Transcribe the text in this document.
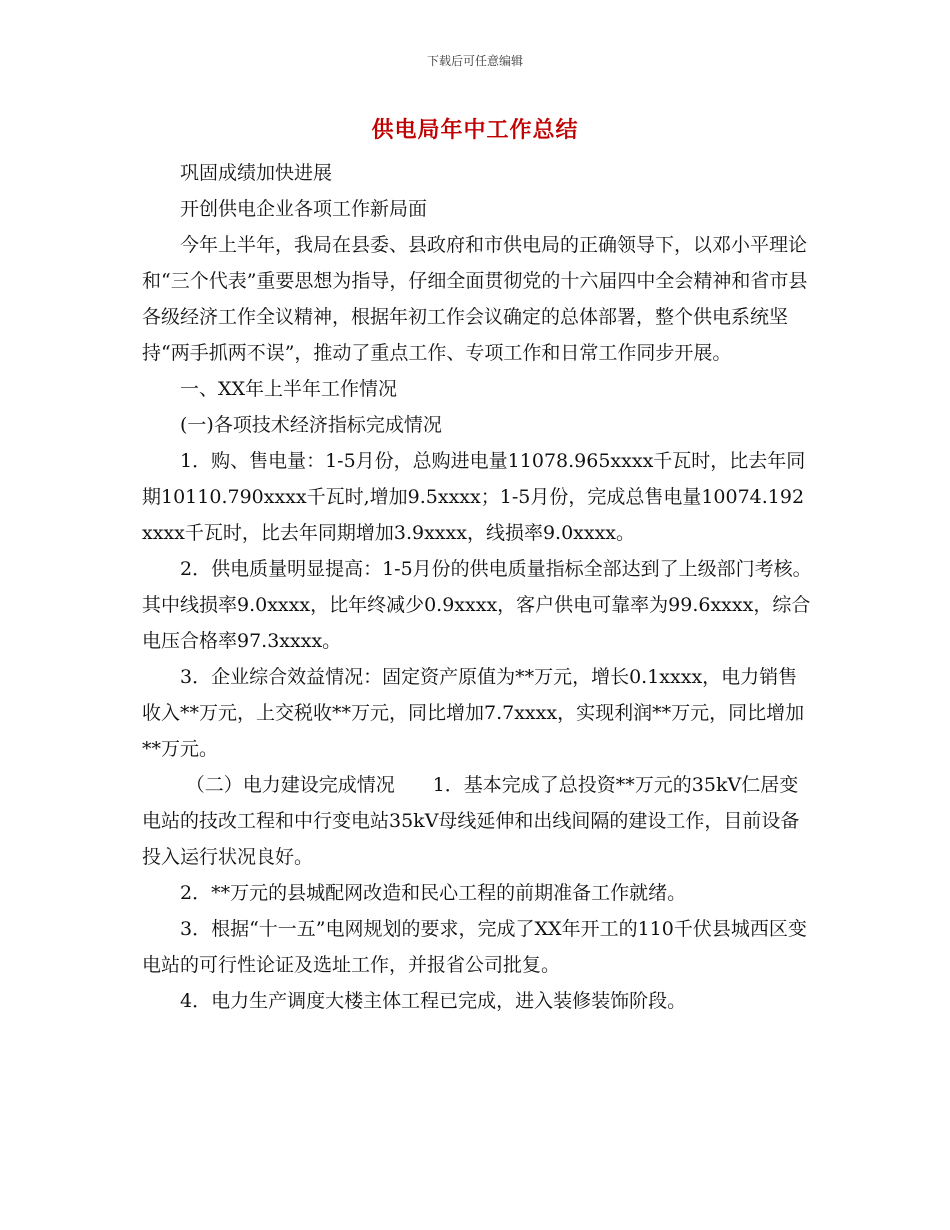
下载后可任意编辑
供电局年中工作总结

巩固成绩加快进展

开创供电企业各项工作新局面

今年上半年，我局在县委、县政府和市供电局的正确领导下，以邓小平理论和“三个代表”重要思想为指导，仔细全面贯彻党的十六届四中全会精神和省市县各级经济工作全议精神，根据年初工作会议确定的总体部署，整个供电系统坚持“两手抓两不误”，推动了重点工作、专项工作和日常工作同步开展。

一、XX年上半年工作情况

(一)各项技术经济指标完成情况

1．购、售电量：1-5月份，总购进电量11078.965xxxx千瓦时，比去年同期10110.790xxxx千瓦时,增加9.5xxxx；1-5月份，完成总售电量10074.192xxxx千瓦时，比去年同期增加3.9xxxx，线损率9.0xxxx。

2．供电质量明显提高：1-5月份的供电质量指标全部达到了上级部门考核。其中线损率9.0xxxx，比年终减少0.9xxxx，客户供电可靠率为99.6xxxx，综合电压合格率97.3xxxx。

3．企业综合效益情况：固定资产原值为**万元，增长0.1xxxx，电力销售收入**万元，上交税收**万元，同比增加7.7xxxx，实现利润**万元，同比增加**万元。

（二）电力建设完成情况　　1．基本完成了总投资**万元的35kV仁居变电站的技改工程和中行变电站35kV母线延伸和出线间隔的建设工作，目前设备投入运行状况良好。

2．**万元的县城配网改造和民心工程的前期准备工作就绪。

3．根据“十一五”电网规划的要求，完成了XX年开工的110千伏县城西区变电站的可行性论证及选址工作，并报省公司批复。

4．电力生产调度大楼主体工程已完成，进入装修装饰阶段。
